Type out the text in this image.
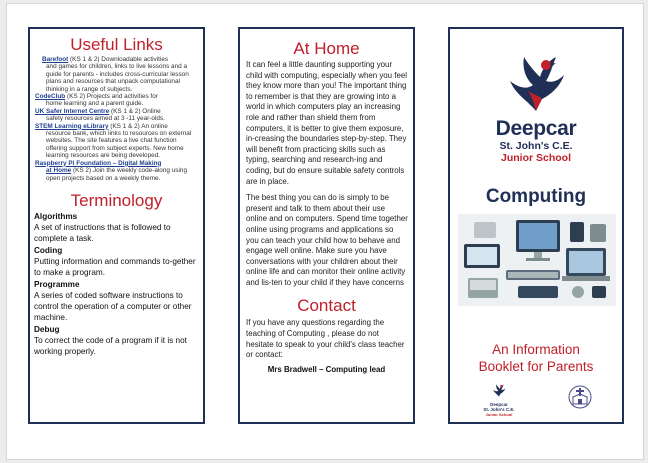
Useful Links
Barefoot (KS 1 & 2) Downloadable activities
and games for children, links to live lessons and a guide for parents - includes cross-curricular lesson plans and resources that unpack computational thinking in a range of subjects.
CodeClub (KS 2) Projects and activities for
home learning and a parent guide.
UK Safer Internet Centre (KS 1 & 2) Online
safety resources aimed at 3 -11 year-olds.
STEM Learning eLibrary (KS 1 & 2) An online
resource bank, which links to resources on external websites. The site features a live chat function offering support from subject experts. New home learning resources are being developed.
Raspberry Pi Foundation – Digital Making
at Home (KS 2) Join the weekly code-along using open projects based on a weekly theme.
Terminology
Algorithms
A set of instructions that is followed to complete a task.
Coding
Putting information and commands to-gether to make a program.
Programme
A series of coded software instructions to control the operation of a computer or other machine.
Debug
To correct the code of a program if it is not working properly.
At Home

It can feel a little daunting supporting your child with computing, especially when you feel they know more than you! The important thing to remember is that they are growing into a world in which computers play an increasing role and rather than shield them from computers, it is better to give them exposure, in-creasing the boundaries step-by-step. They will benefit from practicing skills such as typing, searching and research-ing and coding, but do ensure suitable safety controls are in place.

The best thing you can do is simply to be present and talk to them about their use online and on computers. Spend time together online using programs and applications so you can teach your child how to behave and engage well online. Make sure you have conversations with your children about their online life and can monitor their online activity and lis-ten to your child if they have concerns

Contact

If you have any questions regarding the teaching of Computing , please do not hesitate to speak to your child's class teacher or contact:

Mrs Bradwell – Computing lead
Deepcar
St. John's C.E.
Junior School
Computing
An Information Booklet for Parents
Deepcar
St. John's C.E.
Junior School
